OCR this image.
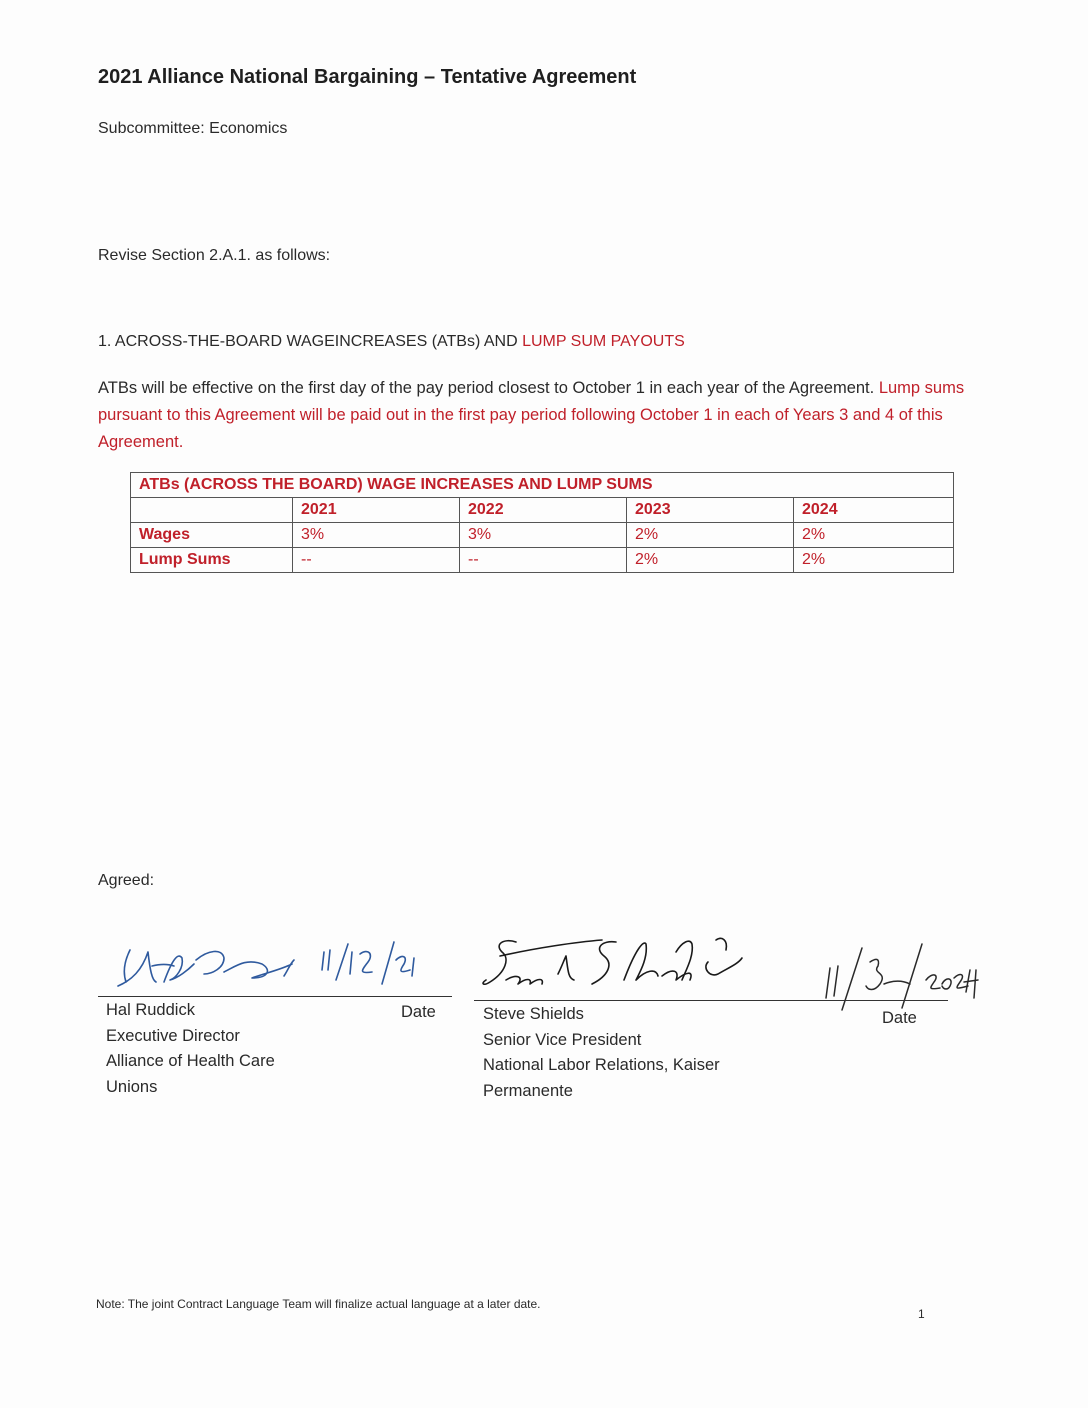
2021 Alliance National Bargaining – Tentative Agreement
Subcommittee: Economics
Revise Section 2.A.1. as follows:
1. ACROSS-THE-BOARD WAGEINCREASES (ATBs) AND LUMP SUM PAYOUTS
ATBs will be effective on the first day of the pay period closest to October 1 in each year of the Agreement. Lump sums pursuant to this Agreement will be paid out in the first pay period following October 1 in each of Years 3 and 4 of this Agreement.
ATBs (ACROSS THE BOARD) WAGE INCREASES AND LUMP SUMS				
	2021	2022	2023	2024
Wages	3%	3%	2%	2%
Lump Sums	--	--	2%	2%
Agreed:
Hal Ruddick
Executive Director
Alliance of Health Care
Unions
Date	Steve Shields
Senior Vice President
National Labor Relations, Kaiser
Permanente
Date
Note: The joint Contract Language Team will finalize actual language at a later date.
1
